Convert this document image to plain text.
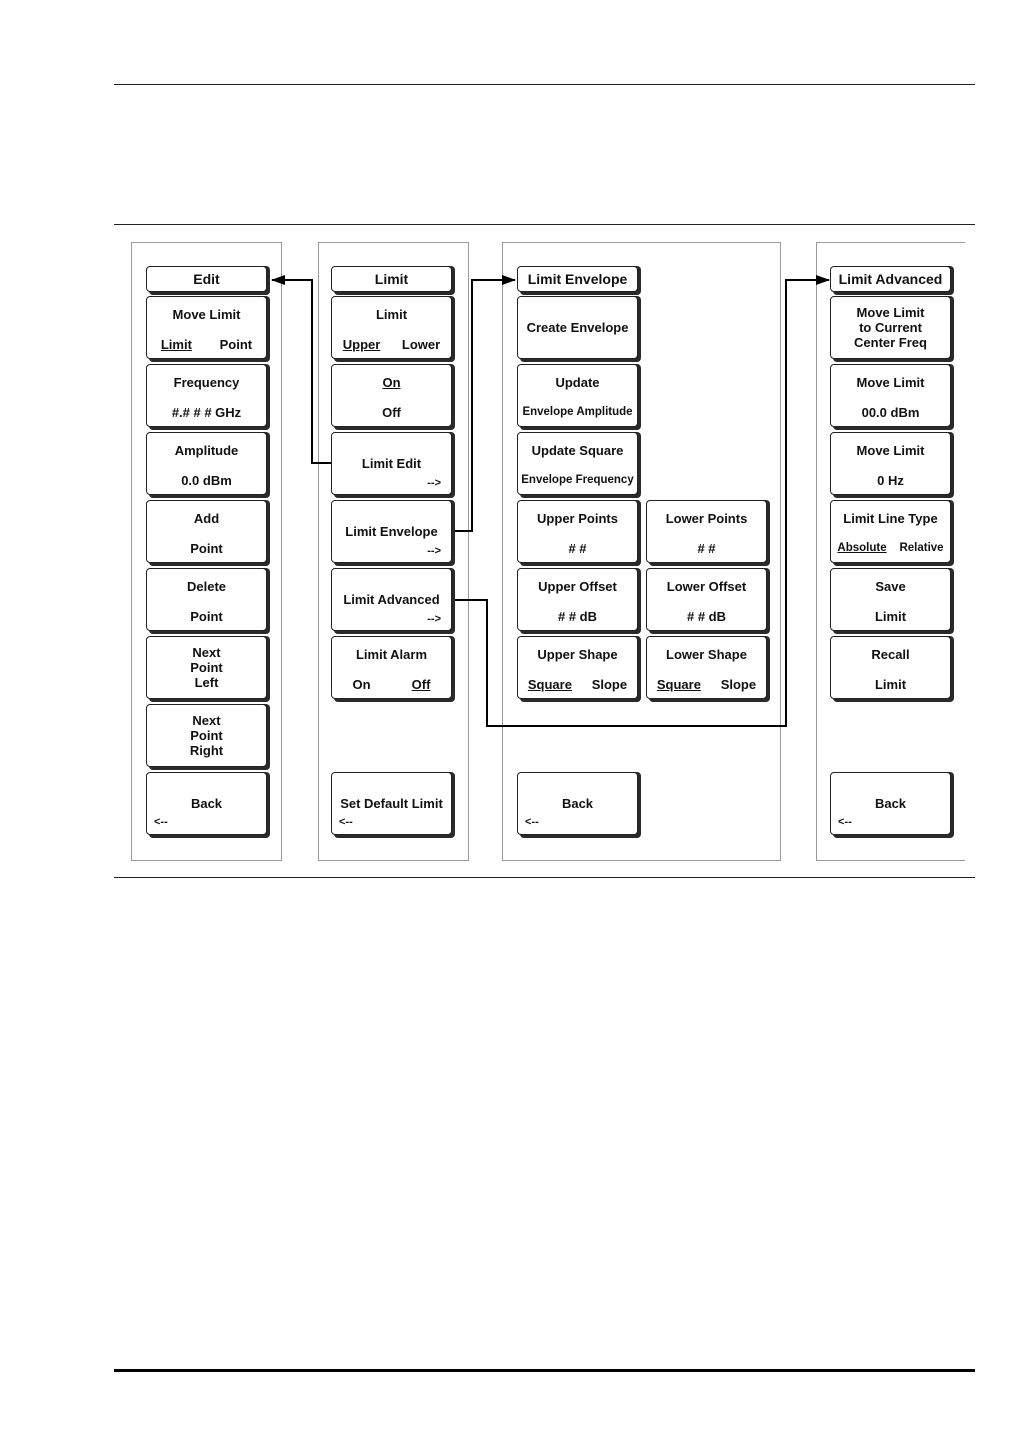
Edit
Move Limit
Limit Point
Frequency
#.# # # GHz
Amplitude
0.0 dBm
Add
Point
Delete
Point
Next
Point
Left
Next
Point
Right
Back
<--
Limit
Limit
Upper Lower
On
Off
Limit Edit
-->
Limit Envelope
-->
Limit Advanced
-->
Limit Alarm
On	Off
Set Default Limit
<--
Limit Envelope
Create Envelope
Update
Envelope Amplitude
Update Square
Envelope Frequency
Upper Points
# #
Upper Offset
# # dB
Upper Shape
Square Slope
Lower Points
# #
Lower Offset
# # dB
Lower Shape
Square Slope
Back
<--
Limit Advanced
Move Limit
to Current
Center Freq
Move Limit
00.0 dBm
Move Limit
0 Hz
Limit Line Type
Absolute Relative
Save
Limit
Recall
Limit
Back
<--
